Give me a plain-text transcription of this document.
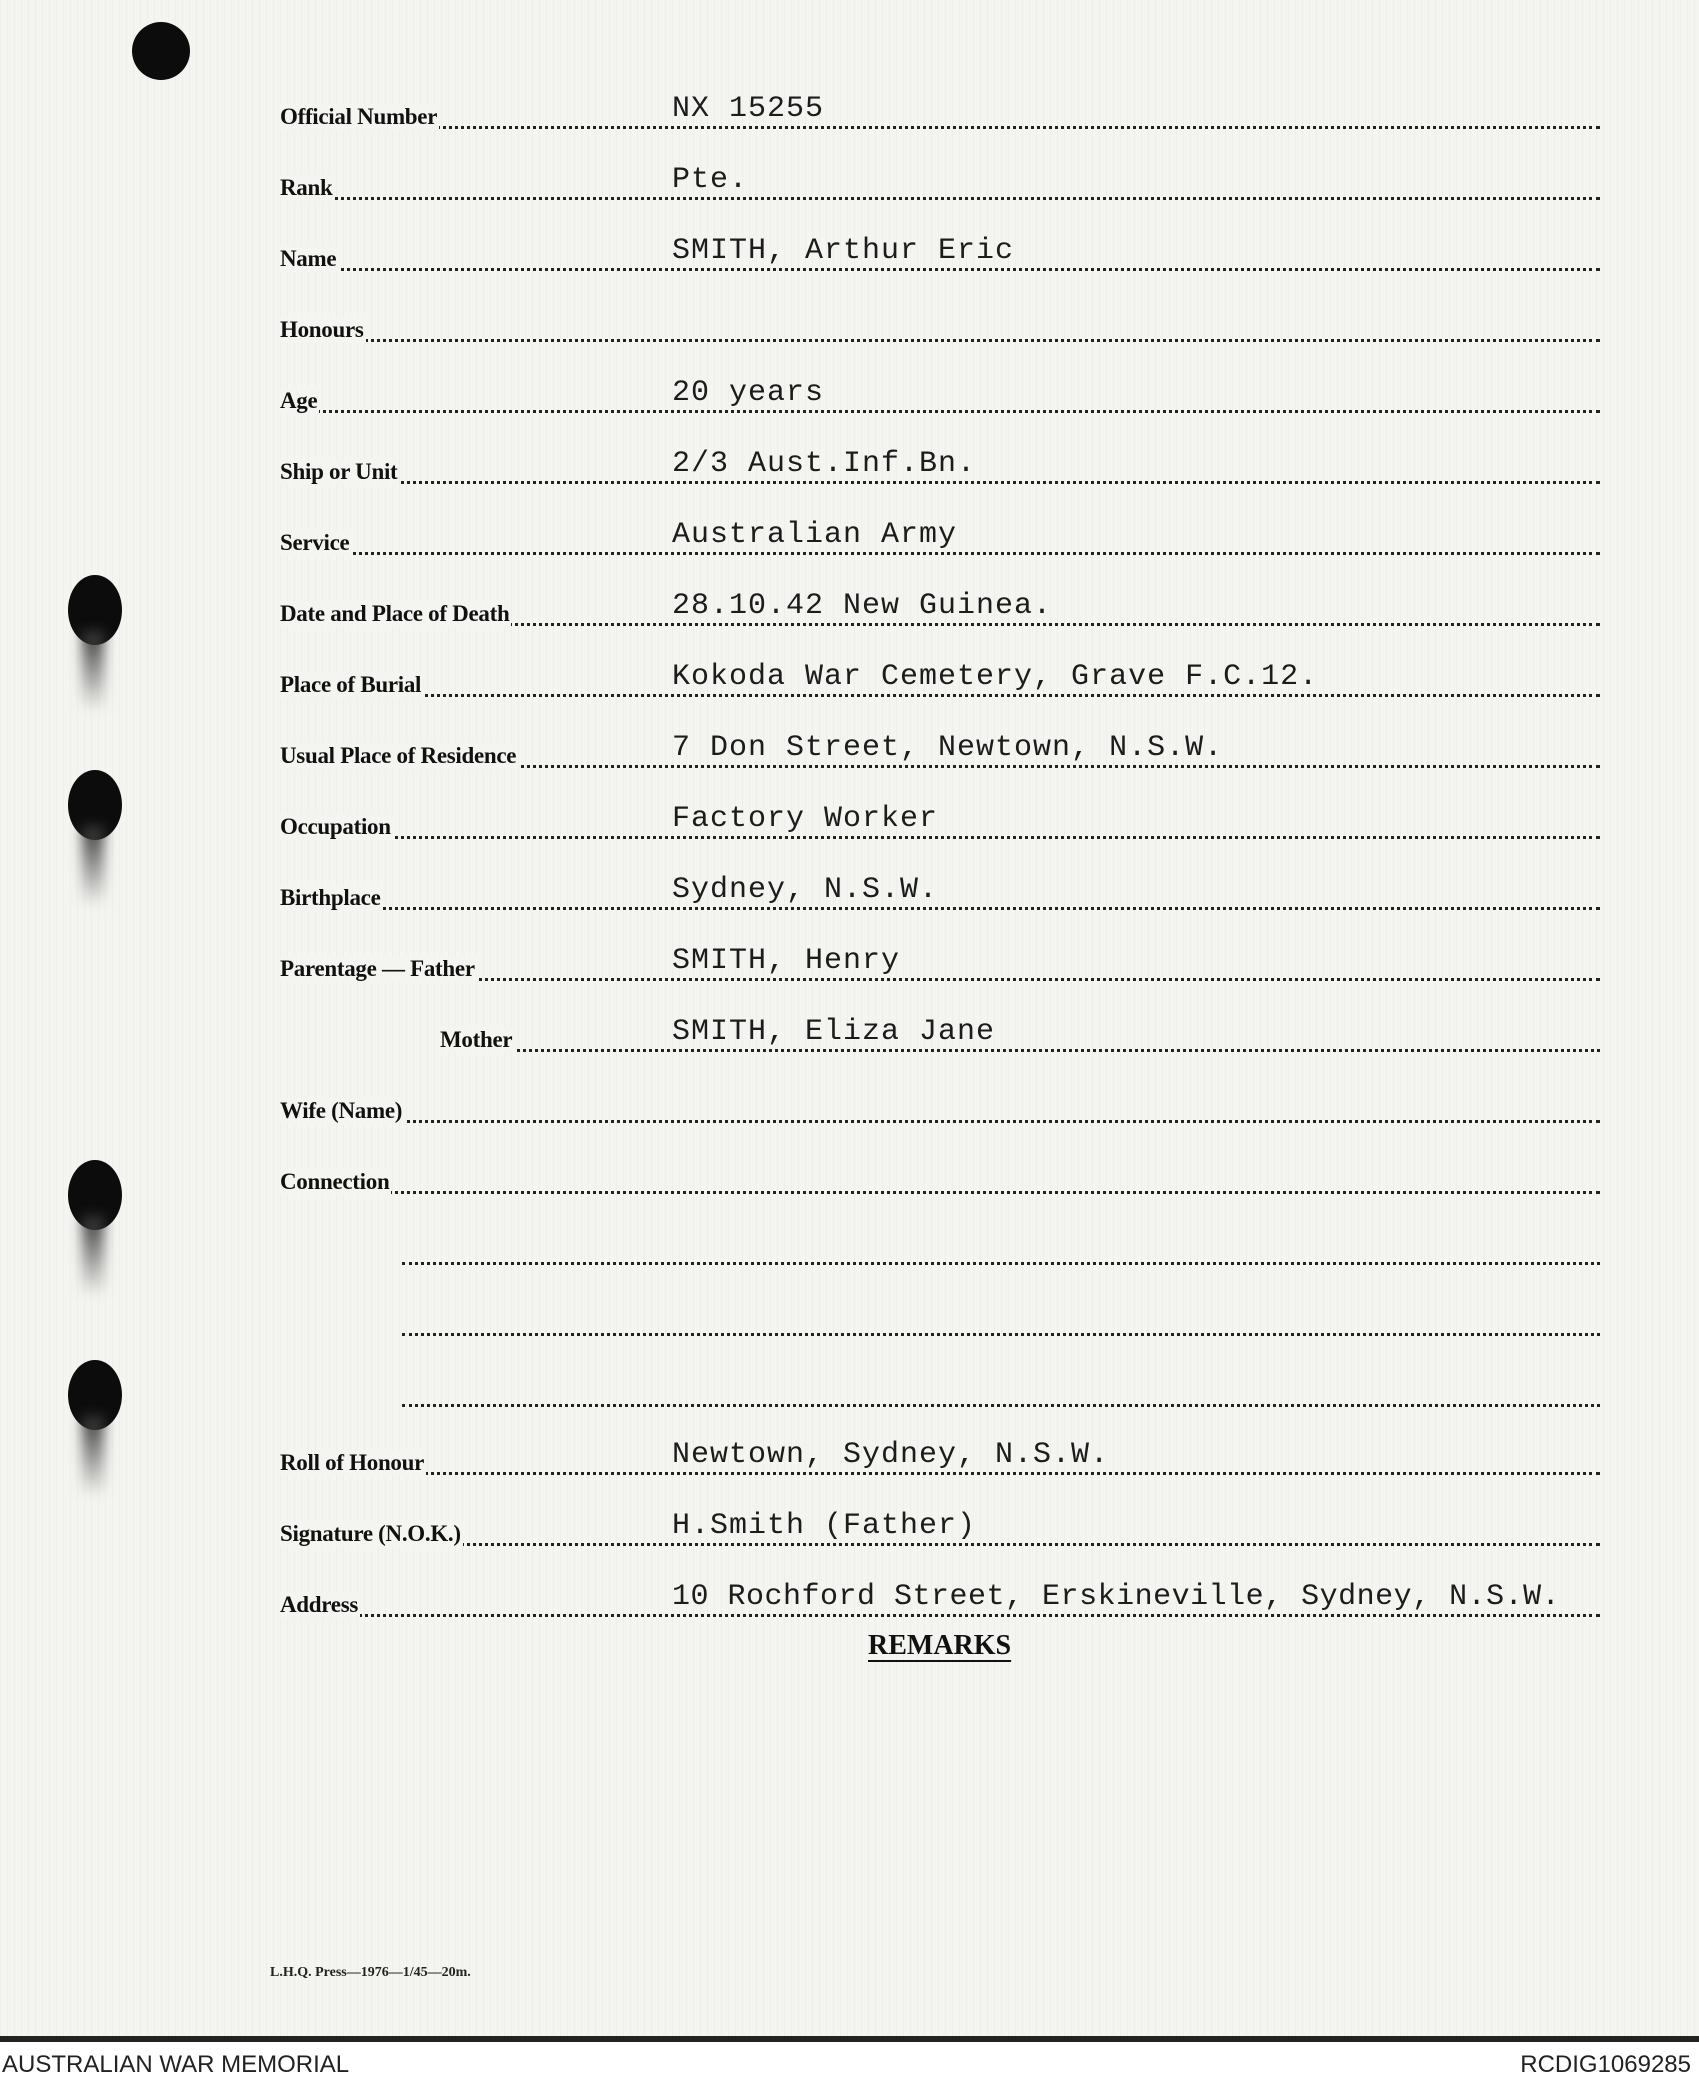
Official Number	NX 15255
Rank	Pte.
Name	SMITH, Arthur Eric
Honours
Age	20 years
Ship or Unit	2/3 Aust.Inf.Bn.
Service	Australian Army
Date and Place of Death	28.10.42 New Guinea.
Place of Burial	Kokoda War Cemetery, Grave F.C.12.
Usual Place of Residence	7 Don Street, Newtown, N.S.W.
Occupation	Factory Worker
Birthplace	Sydney, N.S.W.
Parentage — Father	SMITH, Henry
Mother	SMITH, Eliza Jane
Wife (Name)
Connection
Roll of Honour	Newtown, Sydney, N.S.W.
Signature (N.O.K.)	H.Smith (Father)
Address	10 Rochford Street, Erskineville, Sydney, N.S.W.
REMARKS
L.H.Q. Press—1976—1/45—20m.
AUSTRALIAN WAR MEMORIAL	RCDIG1069285
